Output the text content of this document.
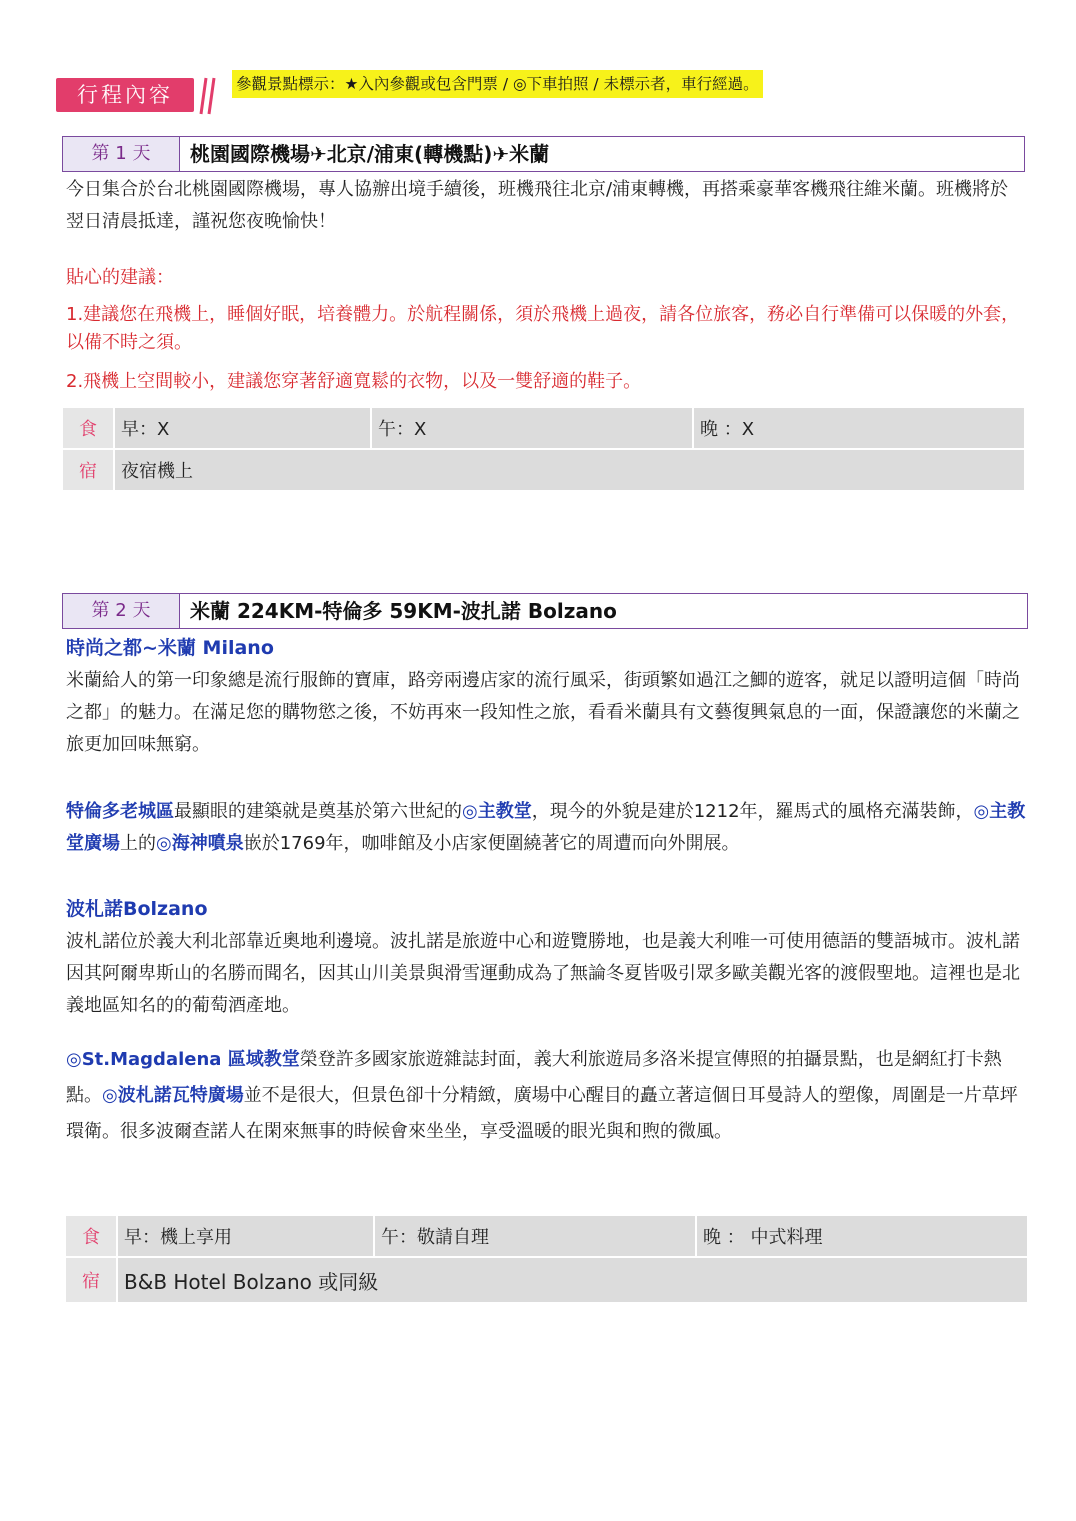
行程內容	參觀景點標示：★入內參觀或包含門票 / ◎下車拍照 / 未標示者，車行經過。
第 1 天	桃園國際機場✈北京/浦東(轉機點)✈米蘭
今日集合於台北桃園國際機場，專人協辦出境手續後，班機飛往北京/浦東轉機，再搭乘豪華客機飛往維米蘭。班機將於翌日清晨抵達，謹祝您夜晚愉快！
貼心的建議：
1.建議您在飛機上，睡個好眠，培養體力。於航程關係，須於飛機上過夜，請各位旅客，務必自行準備可以保暖的外套，以備不時之須。
2.飛機上空間較小，建議您穿著舒適寬鬆的衣物，以及一雙舒適的鞋子。
食	早：X	午：X	晚 ：X
宿	夜宿機上		
第 2 天	米蘭 224KM-特倫多 59KM-波扎諾 Bolzano
時尚之都~米蘭 Milano
米蘭給人的第一印象總是流行服飾的寶庫，路旁兩邊店家的流行風采，街頭繁如過江之鯽的遊客，就足以證明這個「時尚之都」的魅力。在滿足您的購物慾之後，不妨再來一段知性之旅，看看米蘭具有文藝復興氣息的一面，保證讓您的米蘭之旅更加回味無窮。
特倫多老城區最顯眼的建築就是奠基於第六世紀的◎主教堂，現今的外貌是建於1212年，羅馬式的風格充滿裝飾，◎主教堂廣場上的◎海神噴泉嵌於1769年，咖啡館及小店家便圍繞著它的周遭而向外開展。
波札諾Bolzano
波札諾位於義大利北部靠近奧地利邊境。波扎諾是旅遊中心和遊覽勝地，也是義大利唯一可使用德語的雙語城市。波札諾因其阿爾卑斯山的名勝而聞名，因其山川美景與滑雪運動成為了無論冬夏皆吸引眾多歐美觀光客的渡假聖地。這裡也是北義地區知名的的葡萄酒產地。
◎St.Magdalena 區域教堂榮登許多國家旅遊雜誌封面，義大利旅遊局多洛米提宣傳照的拍攝景點，也是網紅打卡熱點。◎波札諾瓦特廣場並不是很大，但景色卻十分精緻，廣場中心醒目的矗立著這個日耳曼詩人的塑像，周圍是一片草坪環衛。很多波爾查諾人在閑來無事的時候會來坐坐，享受溫暖的眼光與和煦的微風。
食	早：機上享用	午：敬請自理	晚 ： 中式料理
宿	B&B Hotel Bolzano 或同級		
